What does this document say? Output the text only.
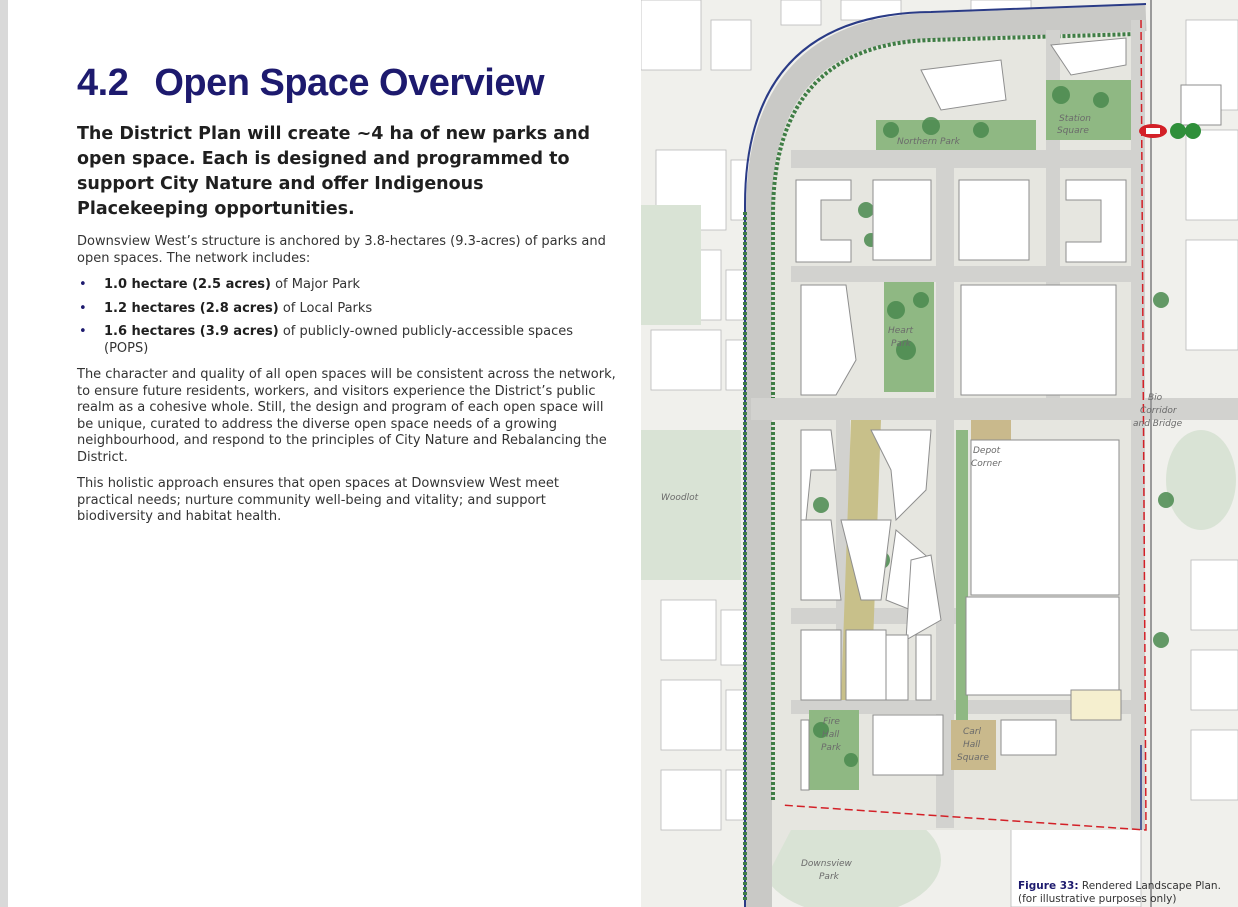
4.2 Open Space Overview

The District Plan will create ~4 ha of new parks and open space. Each is designed and programmed to support City Nature and offer Indigenous Placekeeping opportunities.

Downsview West’s structure is anchored by 3.8-hectares (9.3-acres) of parks and open spaces. The network includes:

• 1.0 hectare (2.5 acres) of Major Park
• 1.2 hectares (2.8 acres) of Local Parks
• 1.6 hectares (3.9 acres) of publicly-owned publicly-accessible spaces (POPS)

The character and quality of all open spaces will be consistent across the network, to ensure future residents, workers, and visitors experience the District’s public realm as a cohesive whole. Still, the design and program of each open space will be unique, curated to address the diverse open space needs of a growing neighbourhood, and respond to the principles of City Nature and Rebalancing the District.

This holistic approach ensures that open spaces at Downsview West meet practical needs; nurture community well-being and vitality; and support biodiversity and habitat health.

Northern Park
Station
Square
Heart
Park
Bio
Corridor
and Bridge
Depot
Corner
Woodlot
Fire
Hall
Park
Carl
Hall
Square
Downsview
Park
Figure 33: Rendered Landscape Plan.
(for illustrative purposes only)
